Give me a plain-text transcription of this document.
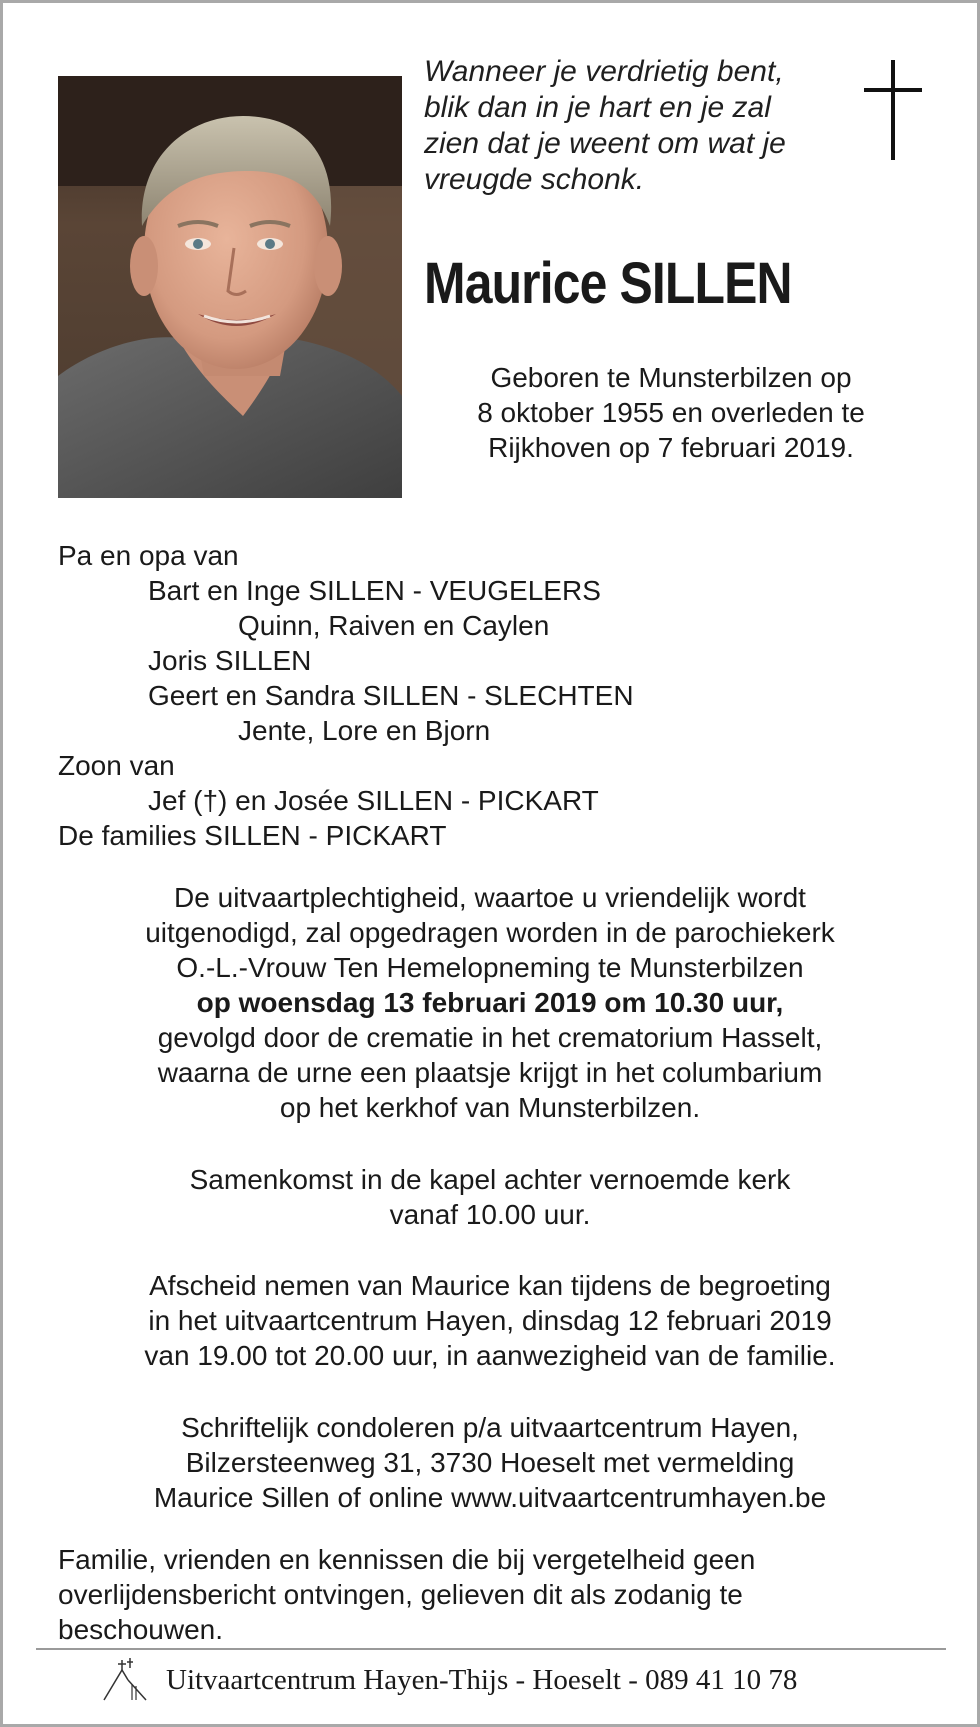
Wanneer je verdrietig bent,
blik dan in je hart en je zal
zien dat je weent om wat je
vreugde schonk.
Maurice SILLEN
Geboren te Munsterbilzen op
8 oktober 1955 en overleden te
Rijkhoven op 7 februari 2019.
Pa en opa van
Bart en Inge SILLEN - VEUGELERS
Quinn, Raiven en Caylen
Joris SILLEN
Geert en Sandra SILLEN - SLECHTEN
Jente, Lore en Bjorn
Zoon van
Jef (†) en Josée SILLEN - PICKART
De families SILLEN - PICKART
De uitvaartplechtigheid, waartoe u vriendelijk wordt
uitgenodigd, zal opgedragen worden in de parochiekerk
O.-L.-Vrouw Ten Hemelopneming te Munsterbilzen
op woensdag 13 februari 2019 om 10.30 uur,
gevolgd door de crematie in het crematorium Hasselt,
waarna de urne een plaatsje krijgt in het columbarium
op het kerkhof van Munsterbilzen.
Samenkomst in de kapel achter vernoemde kerk
vanaf 10.00 uur.
Afscheid nemen van Maurice kan tijdens de begroeting
in het uitvaartcentrum Hayen, dinsdag 12 februari 2019
van 19.00 tot 20.00 uur, in aanwezigheid van de familie.
Schriftelijk condoleren p/a uitvaartcentrum Hayen,
Bilzersteenweg 31, 3730 Hoeselt met vermelding
Maurice Sillen of online www.uitvaartcentrumhayen.be
Familie, vrienden en kennissen die bij vergetelheid geen
overlijdensbericht ontvingen, gelieven dit als zodanig te
beschouwen.
Uitvaartcentrum Hayen-Thijs - Hoeselt - 089 41 10 78
